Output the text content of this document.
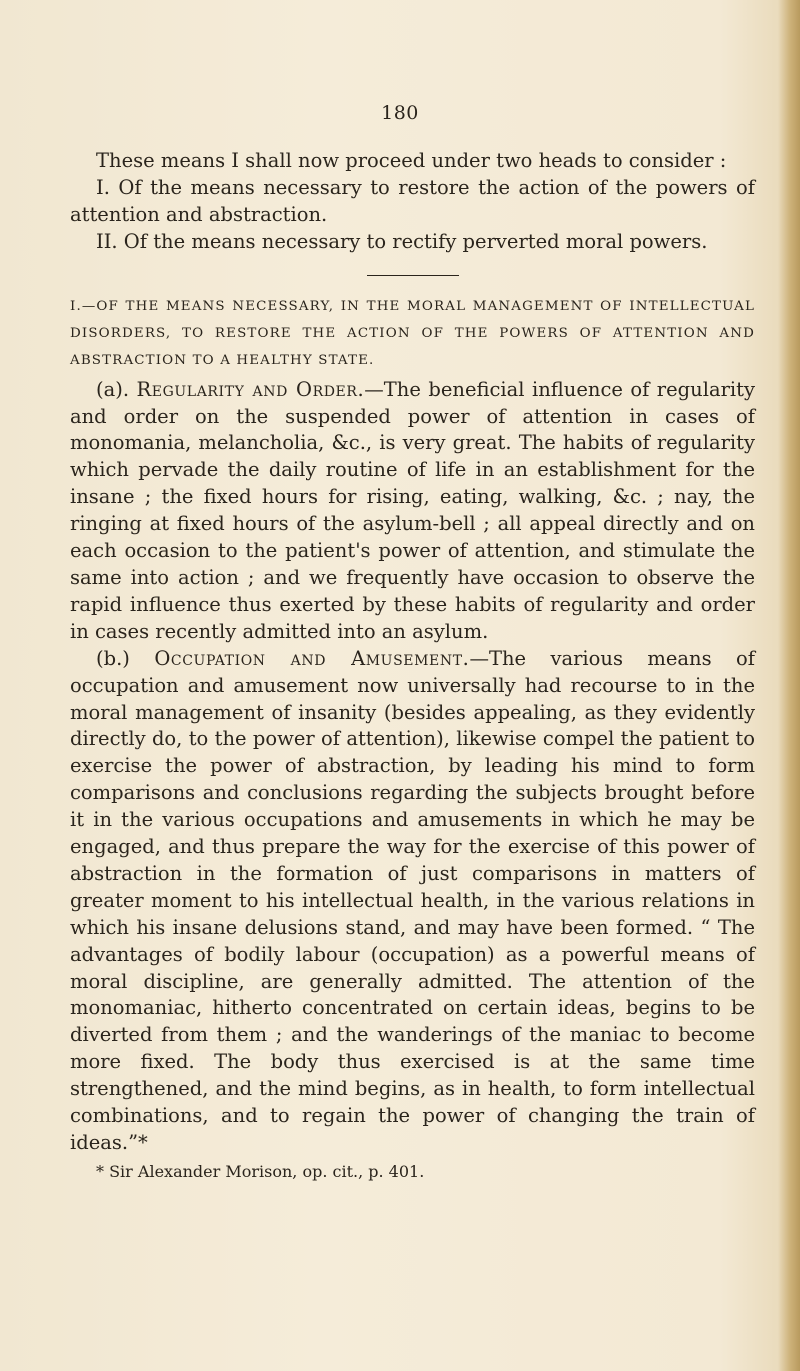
180

These means I shall now proceed under two heads to consider :

I. Of the means necessary to restore the action of the powers of attention and abstraction.

II. Of the means necessary to rectify perverted moral powers.

I.—OF THE MEANS NECESSARY, IN THE MORAL MANAGEMENT OF INTELLECTUAL DISORDERS, TO RESTORE THE ACTION OF THE POWERS OF ATTENTION AND ABSTRACTION TO A HEALTHY STATE.

(a). Regularity and Order.—The beneficial influence of regularity and order on the suspended power of attention in cases of monomania, melancholia, &c., is very great. The habits of regularity which pervade the daily routine of life in an establishment for the insane ; the fixed hours for rising, eating, walking, &c. ; nay, the ringing at fixed hours of the asylum-bell ; all appeal directly and on each occasion to the patient's power of attention, and stimulate the same into action ; and we frequently have occasion to observe the rapid influence thus exerted by these habits of regularity and order in cases recently admitted into an asylum.

(b.) Occupation and Amusement.—The various means of occupation and amusement now universally had recourse to in the moral management of insanity (besides appealing, as they evidently directly do, to the power of attention), likewise compel the patient to exercise the power of abstraction, by leading his mind to form comparisons and conclusions regarding the subjects brought before it in the various occupations and amusements in which he may be engaged, and thus prepare the way for the exercise of this power of abstraction in the formation of just comparisons in matters of greater moment to his intellectual health, in the various relations in which his insane delusions stand, and may have been formed. “ The advantages of bodily labour (occupation) as a powerful means of moral discipline, are generally admitted. The attention of the monomaniac, hitherto concentrated on certain ideas, begins to be diverted from them ; and the wanderings of the maniac to become more fixed. The body thus exercised is at the same time strengthened, and the mind begins, as in health, to form intellectual combinations, and to regain the power of changing the train of ideas.”*

* Sir Alexander Morison, op. cit., p. 401.
